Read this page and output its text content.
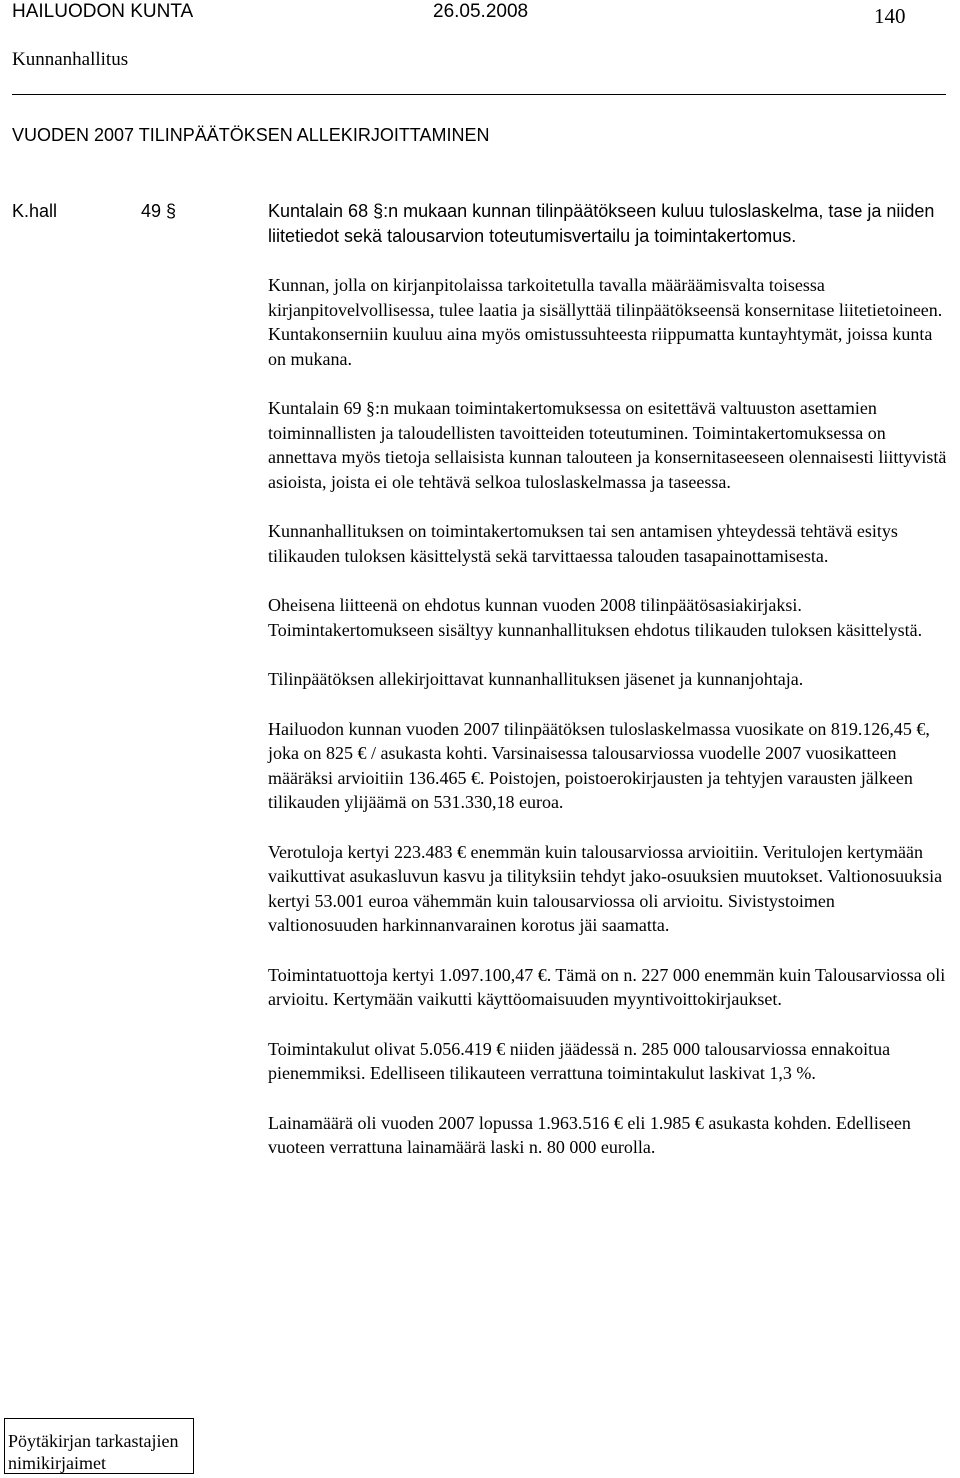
HAILUODON KUNTA	26.05.2008	140
Kunnanhallitus
VUODEN 2007 TILINPÄÄTÖKSEN ALLEKIRJOITTAMINEN
K.hall	49 §	Kuntalain 68 §:n mukaan kunnan tilinpäätökseen kuluu tuloslaskelma, tase ja niiden liitetiedot sekä talousarvion toteutumisvertailu ja toimintakertomus.

Kunnan, jolla on kirjanpitolaissa tarkoitetulla tavalla määräämisvalta toisessa kirjanpitovelvollisessa, tulee laatia ja sisällyttää tilinpäätökseensä konsernitase liitetietoineen. Kuntakonserniin kuuluu aina myös omistussuhteesta riippumatta kuntayhtymät, joissa kunta on mukana.

Kuntalain 69 §:n mukaan toimintakertomuksessa on esitettävä valtuuston asettamien toiminnallisten ja taloudellisten tavoitteiden toteutuminen. Toimintakertomuksessa on annettava myös tietoja sellaisista kunnan talouteen ja konsernitaseeseen olennaisesti liittyvistä asioista, joista ei ole tehtävä selkoa tuloslaskelmassa ja taseessa.

Kunnanhallituksen on toimintakertomuksen tai sen antamisen yhteydessä tehtävä esitys tilikauden tuloksen käsittelystä sekä tarvittaessa talouden tasapainottamisesta.

Oheisena liitteenä on ehdotus kunnan vuoden 2008 tilinpäätösasiakirjaksi. Toimintakertomukseen sisältyy kunnanhallituksen ehdotus tilikauden tuloksen käsittelystä.

Tilinpäätöksen allekirjoittavat kunnanhallituksen jäsenet ja kunnanjohtaja.

Hailuodon kunnan vuoden 2007 tilinpäätöksen tuloslaskelmassa vuosikate on 819.126,45 €, joka on 825 € / asukasta kohti. Varsinaisessa talousarviossa vuodelle 2007 vuosikatteen määräksi arvioitiin 136.465 €. Poistojen, poistoerokirjausten ja tehtyjen varausten jälkeen tilikauden ylijäämä on 531.330,18 euroa.

Verotuloja kertyi 223.483 € enemmän kuin talousarviossa arvioitiin. Veritulojen kertymään vaikuttivat asukasluvun kasvu ja tilityksiin tehdyt jako-osuuksien muutokset. Valtionosuuksia kertyi 53.001 euroa vähemmän kuin talousarviossa oli arvioitu. Sivistystoimen valtionosuuden harkinnanvarainen korotus jäi saamatta.

Toimintatuottoja kertyi 1.097.100,47 €. Tämä on n. 227 000 enemmän kuin Talousarviossa oli arvioitu. Kertymään vaikutti käyttöomaisuuden myyntivoittokirjaukset.

Toimintakulut olivat 5.056.419 € niiden jäädessä n. 285 000 talousarviossa ennakoitua pienemmiksi. Edelliseen tilikauteen verrattuna toimintakulut laskivat 1,3 %.

Lainamäärä oli vuoden 2007 lopussa 1.963.516 € eli 1.985 € asukasta kohden. Edelliseen vuoteen verrattuna lainamäärä laski n. 80 000 eurolla.

Pöytäkirjan tarkastajien
nimikirjaimet
